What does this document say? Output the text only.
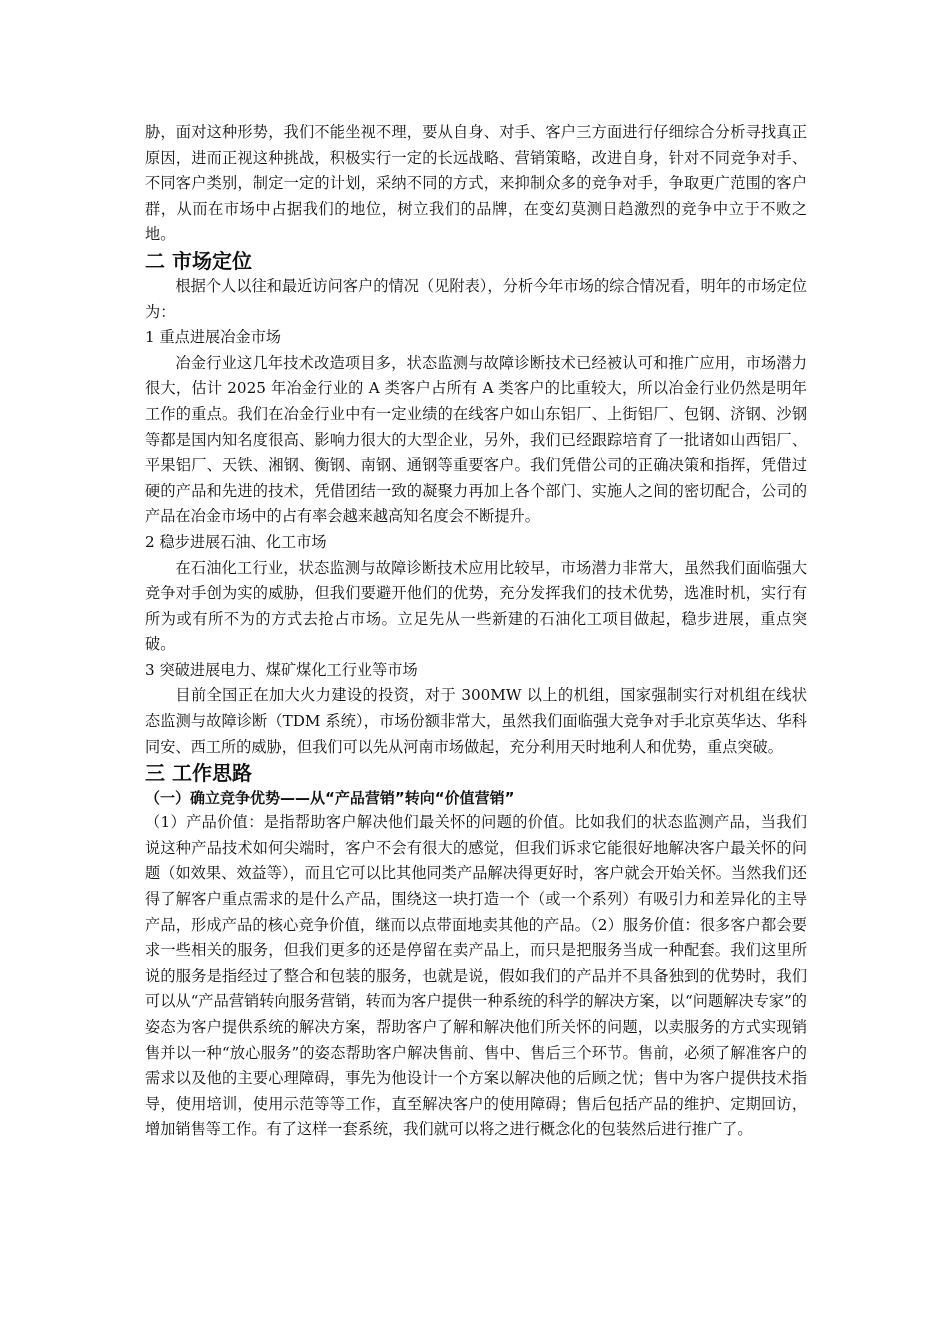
胁，面对这种形势，我们不能坐视不理，要从自身、对手、客户三方面进行仔细综合分析寻找真正原因，进而正视这种挑战，积极实行一定的长远战略、营销策略，改进自身，针对不同竞争对手、不同客户类别，制定一定的计划，采纳不同的方式，来抑制众多的竞争对手，争取更广范围的客户群，从而在市场中占据我们的地位，树立我们的品牌，在变幻莫测日趋激烈的竞争中立于不败之地。

二 市场定位

根据个人以往和最近访问客户的情况（见附表），分析今年市场的综合情况看，明年的市场定位为：

1 重点进展冶金市场

冶金行业这几年技术改造项目多，状态监测与故障诊断技术已经被认可和推广应用，市场潜力很大，估计 2025 年冶金行业的 A 类客户占所有 A 类客户的比重较大，所以冶金行业仍然是明年工作的重点。我们在冶金行业中有一定业绩的在线客户如山东铝厂、上街铝厂、包钢、济钢、沙钢等都是国内知名度很高、影响力很大的大型企业，另外，我们已经跟踪培育了一批诸如山西铝厂、平果铝厂、天铁、湘钢、衡钢、南钢、通钢等重要客户。我们凭借公司的正确决策和指挥，凭借过硬的产品和先进的技术，凭借团结一致的凝聚力再加上各个部门、实施人之间的密切配合，公司的产品在冶金市场中的占有率会越来越高知名度会不断提升。

2 稳步进展石油、化工市场

在石油化工行业，状态监测与故障诊断技术应用比较早，市场潜力非常大，虽然我们面临强大竞争对手创为实的威胁，但我们要避开他们的优势，充分发挥我们的技术优势，选准时机，实行有所为或有所不为的方式去抢占市场。立足先从一些新建的石油化工项目做起，稳步进展，重点突破。

3 突破进展电力、煤矿煤化工行业等市场

目前全国正在加大火力建设的投资，对于 300MW 以上的机组，国家强制实行对机组在线状态监测与故障诊断（TDM 系统），市场份额非常大，虽然我们面临强大竞争对手北京英华达、华科同安、西工所的威胁，但我们可以先从河南市场做起，充分利用天时地利人和优势，重点突破。

三 工作思路
（一）确立竞争优势——从“产品营销”转向“价值营销”

（1）产品价值：是指帮助客户解决他们最关怀的问题的价值。比如我们的状态监测产品，当我们说这种产品技术如何尖端时，客户不会有很大的感觉，但我们诉求它能很好地解决客户最关怀的问题（如效果、效益等），而且它可以比其他同类产品解决得更好时，客户就会开始关怀。当然我们还得了解客户重点需求的是什么产品，围绕这一块打造一个（或一个系列）有吸引力和差异化的主导产品，形成产品的核心竞争价值，继而以点带面地卖其他的产品。（2）服务价值：很多客户都会要求一些相关的服务，但我们更多的还是停留在卖产品上，而只是把服务当成一种配套。我们这里所说的服务是指经过了整合和包装的服务，也就是说，假如我们的产品并不具备独到的优势时，我们可以从“产品营销转向服务营销，转而为客户提供一种系统的科学的解决方案，以“问题解决专家”的姿态为客户提供系统的解决方案，帮助客户了解和解决他们所关怀的问题，以卖服务的方式实现销售并以一种“放心服务”的姿态帮助客户解决售前、售中、售后三个环节。售前，必须了解准客户的需求以及他的主要心理障碍，事先为他设计一个方案以解决他的后顾之忧；售中为客户提供技术指导，使用培训，使用示范等等工作，直至解决客户的使用障碍；售后包括产品的维护、定期回访，增加销售等工作。有了这样一套系统，我们就可以将之进行概念化的包装然后进行推广了。
